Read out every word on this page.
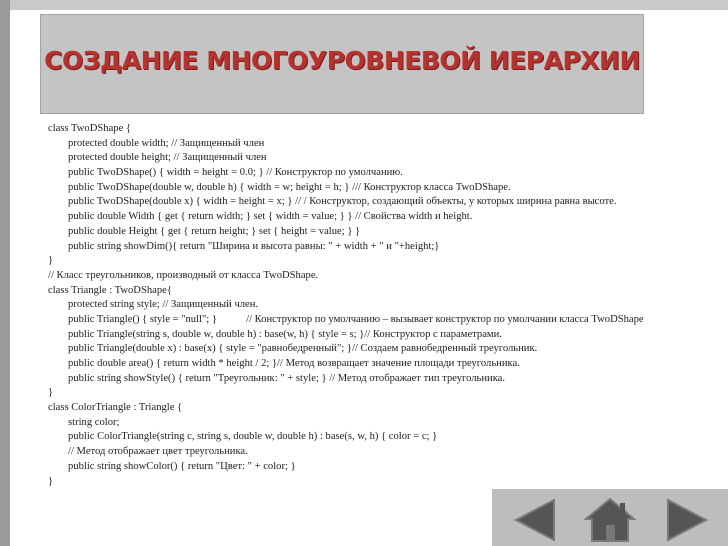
СОЗДАНИЕ МНОГОУРОВНЕВОЙ ИЕРАРХИИ
class TwoDShape {
protected double width; // Защищенный член
protected double height; // Защищенный член
public TwoDShape() { width = height = 0.0; } // Конструктор по умолчанию.
public TwoDShape(double w, double h) { width = w; height = h; } /// Конструктор класса TwoDShape.
public TwoDShape(double x) { width = height = x; } // / Конструктор, создающий объекты, у которых ширина равна высоте.
public double Width { get { return width; } set { width = value; } } // Свойства width и height.
public double Height { get { return height; } set { height = value; } }
public string showDim(){ return "Ширина и высота равны: " + width + " и "+height;}
}
// Класс треугольников, производный от класса TwoDShape.
class Triangle : TwoDShape{
protected string style; // Защищенный член.
public Triangle() { style = "null"; }           // Конструктор по умолчанию – вызывает конструктор по умолчании класса TwoDShape
public Triangle(string s, double w, double h) : base(w, h) { style = s; }// Конструктор с параметрами.
public Triangle(double x) : base(x) { style = "равнобедренный"; }// Создаем равнобедренный треугольник.
public double area() { return width * height / 2; }// Метод возвращает значение площади треугольника.
public string showStyle() { return "Треугольник: " + style; } // Метод отображает тип треугольника.
}
class ColorTriangle : Triangle {
string color;
public ColorTriangle(string c, string s, double w, double h) : base(s, w, h) { color = c; }
// Метод отображает цвет треугольника.
public string showColor() { return "Цвет: " + color; }
}
